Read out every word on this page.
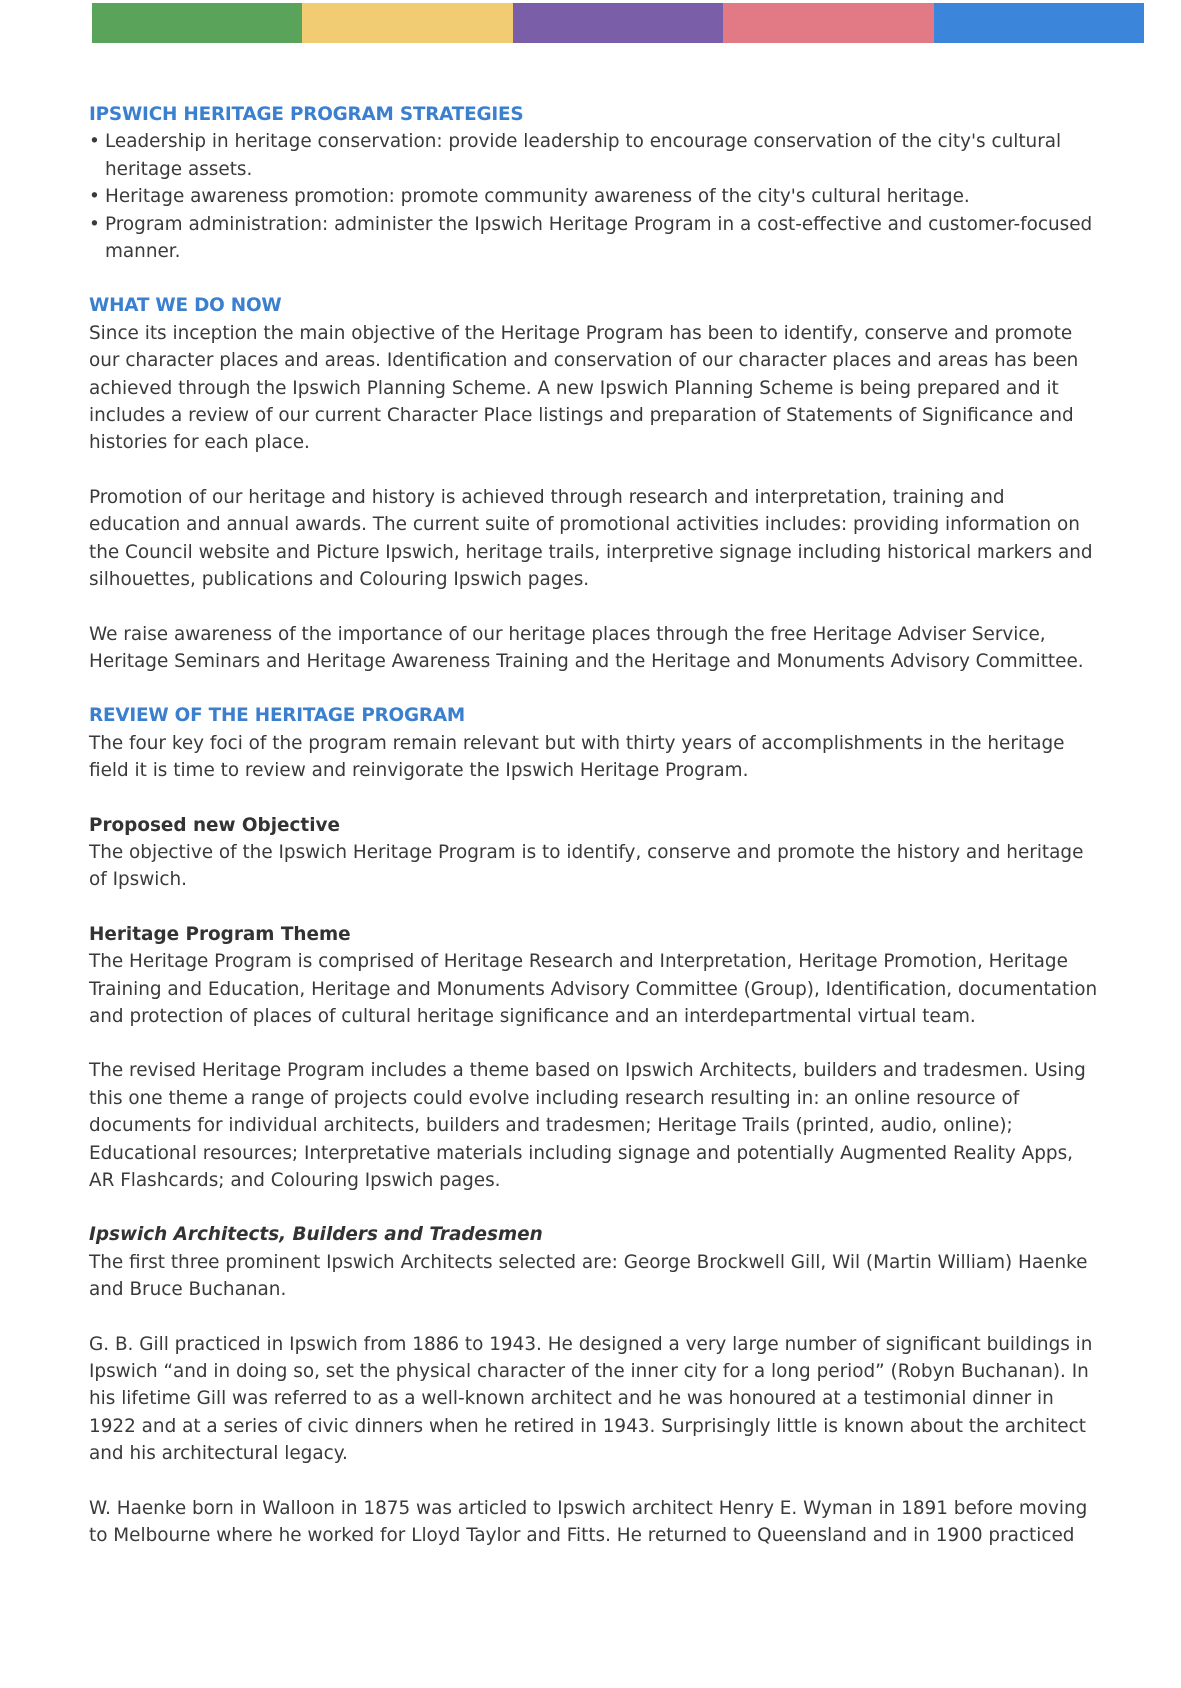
IPSWICH HERITAGE PROGRAM STRATEGIES
• Leadership in heritage conservation: provide leadership to encourage conservation of the city's cultural heritage assets.
• Heritage awareness promotion: promote community awareness of the city's cultural heritage.
• Program administration: administer the Ipswich Heritage Program in a cost-effective and customer-focused manner.
WHAT WE DO NOW

Since its inception the main objective of the Heritage Program has been to identify, conserve and promote our character places and areas. Identification and conservation of our character places and areas has been achieved through the Ipswich Planning Scheme. A new Ipswich Planning Scheme is being prepared and it includes a review of our current Character Place listings and preparation of Statements of Significance and histories for each place.

Promotion of our heritage and history is achieved through research and interpretation, training and education and annual awards. The current suite of promotional activities includes: providing information on the Council website and Picture Ipswich, heritage trails, interpretive signage including historical markers and silhouettes, publications and Colouring Ipswich pages.

We raise awareness of the importance of our heritage places through the free Heritage Adviser Service, Heritage Seminars and Heritage Awareness Training and the Heritage and Monuments Advisory Committee.

REVIEW OF THE HERITAGE PROGRAM

The four key foci of the program remain relevant but with thirty years of accomplishments in the heritage field it is time to review and reinvigorate the Ipswich Heritage Program.

Proposed new Objective

The objective of the Ipswich Heritage Program is to identify, conserve and promote the history and heritage of Ipswich.

Heritage Program Theme

The Heritage Program is comprised of Heritage Research and Interpretation, Heritage Promotion, Heritage Training and Education, Heritage and Monuments Advisory Committee (Group), Identification, documentation and protection of places of cultural heritage significance and an interdepartmental virtual team.

The revised Heritage Program includes a theme based on Ipswich Architects, builders and tradesmen. Using this one theme a range of projects could evolve including research resulting in: an online resource of documents for individual architects, builders and tradesmen; Heritage Trails (printed, audio, online); Educational resources; Interpretative materials including signage and potentially Augmented Reality Apps, AR Flashcards; and Colouring Ipswich pages.

Ipswich Architects, Builders and Tradesmen

The first three prominent Ipswich Architects selected are: George Brockwell Gill, Wil (Martin William) Haenke and Bruce Buchanan.

G. B. Gill practiced in Ipswich from 1886 to 1943. He designed a very large number of significant buildings in Ipswich “and in doing so, set the physical character of the inner city for a long period” (Robyn Buchanan). In his lifetime Gill was referred to as a well-known architect and he was honoured at a testimonial dinner in 1922 and at a series of civic dinners when he retired in 1943. Surprisingly little is known about the architect and his architectural legacy.

W. Haenke born in Walloon in 1875 was articled to Ipswich architect Henry E. Wyman in 1891 before moving to Melbourne where he worked for Lloyd Taylor and Fitts. He returned to Queensland and in 1900 practiced
